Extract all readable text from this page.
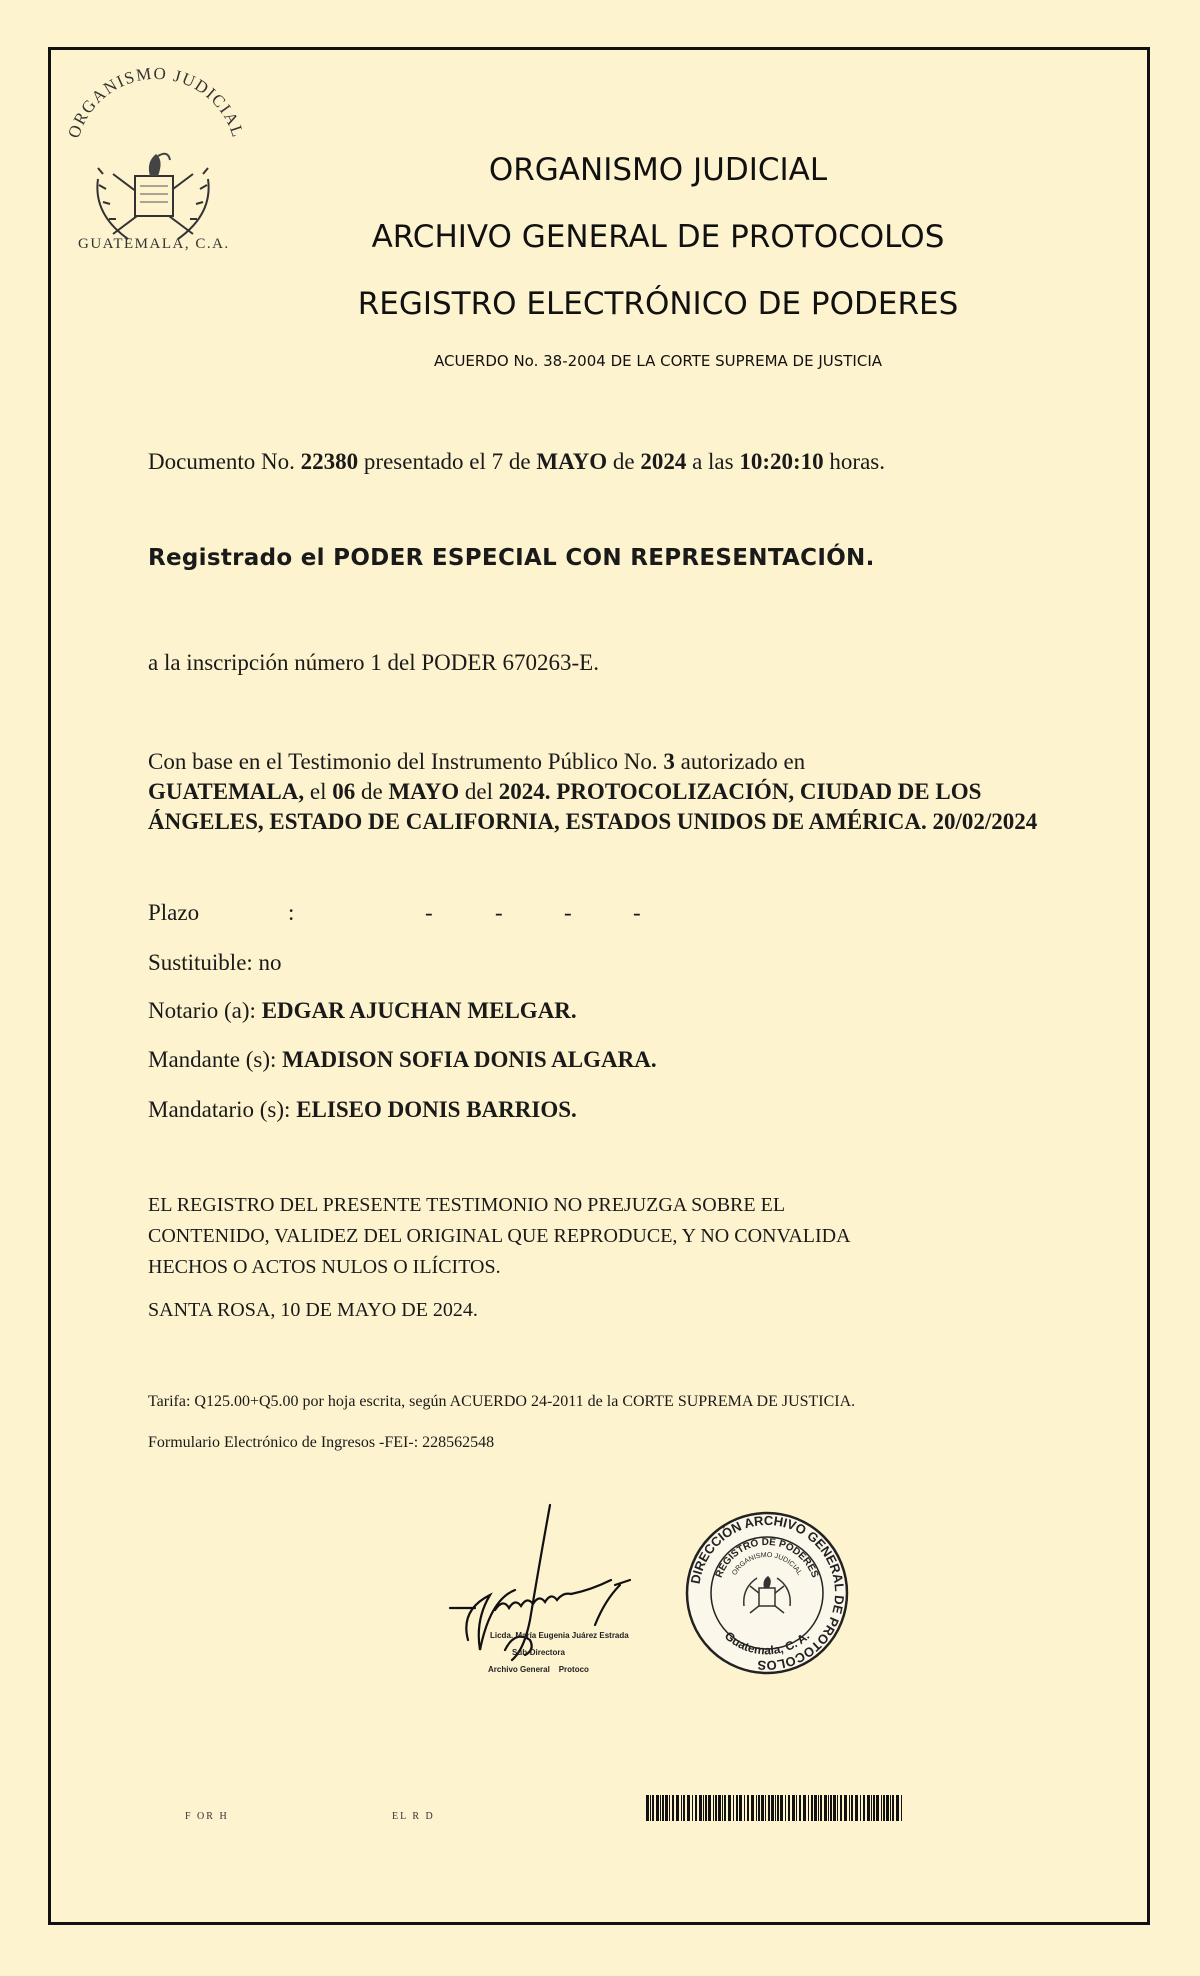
ORGANISMO JUDICIAL
GUATEMALA, C.A.
ORGANISMO JUDICIAL
ARCHIVO GENERAL DE PROTOCOLOS
REGISTRO ELECTRÓNICO DE PODERES
ACUERDO No. 38-2004 DE LA CORTE SUPREMA DE JUSTICIA
Documento No. 22380 presentado el 7 de MAYO de 2024 a las 10:20:10 horas.
Registrado el PODER ESPECIAL CON REPRESENTACIÓN.
a la inscripción número 1 del PODER 670263-E.
Con base en el Testimonio del Instrumento Público No. 3 autorizado en
GUATEMALA, el 06 de MAYO del 2024. PROTOCOLIZACIÓN, CIUDAD DE LOS ÁNGELES, ESTADO DE CALIFORNIA, ESTADOS UNIDOS DE AMÉRICA. 20/02/2024
Plazo	:	-	-	-	-
Sustituible: no
Notario (a): EDGAR AJUCHAN MELGAR.
Mandante (s): MADISON SOFIA DONIS ALGARA.
Mandatario (s): ELISEO DONIS BARRIOS.
EL REGISTRO DEL PRESENTE TESTIMONIO NO PREJUZGA SOBRE EL
CONTENIDO, VALIDEZ DEL ORIGINAL QUE REPRODUCE, Y NO CONVALIDA
HECHOS O ACTOS NULOS O ILÍCITOS.
SANTA ROSA, 10 DE MAYO DE 2024.
Tarifa: Q125.00+Q5.00 por hoja escrita, según ACUERDO 24-2011 de la CORTE SUPREMA DE JUSTICIA.
Formulario Electrónico de Ingresos -FEI-: 228562548
Licda. María Eugenia Juárez Estrada
Sub-Directora
Archivo General    Protoco
DIRECCIÓN ARCHIVO GENERAL DE PROTOCOLOS
ORGANISMO JUDICIAL
REGISTRO DE PODERES
Guatemala, C. A.
F OR H	EL R D
